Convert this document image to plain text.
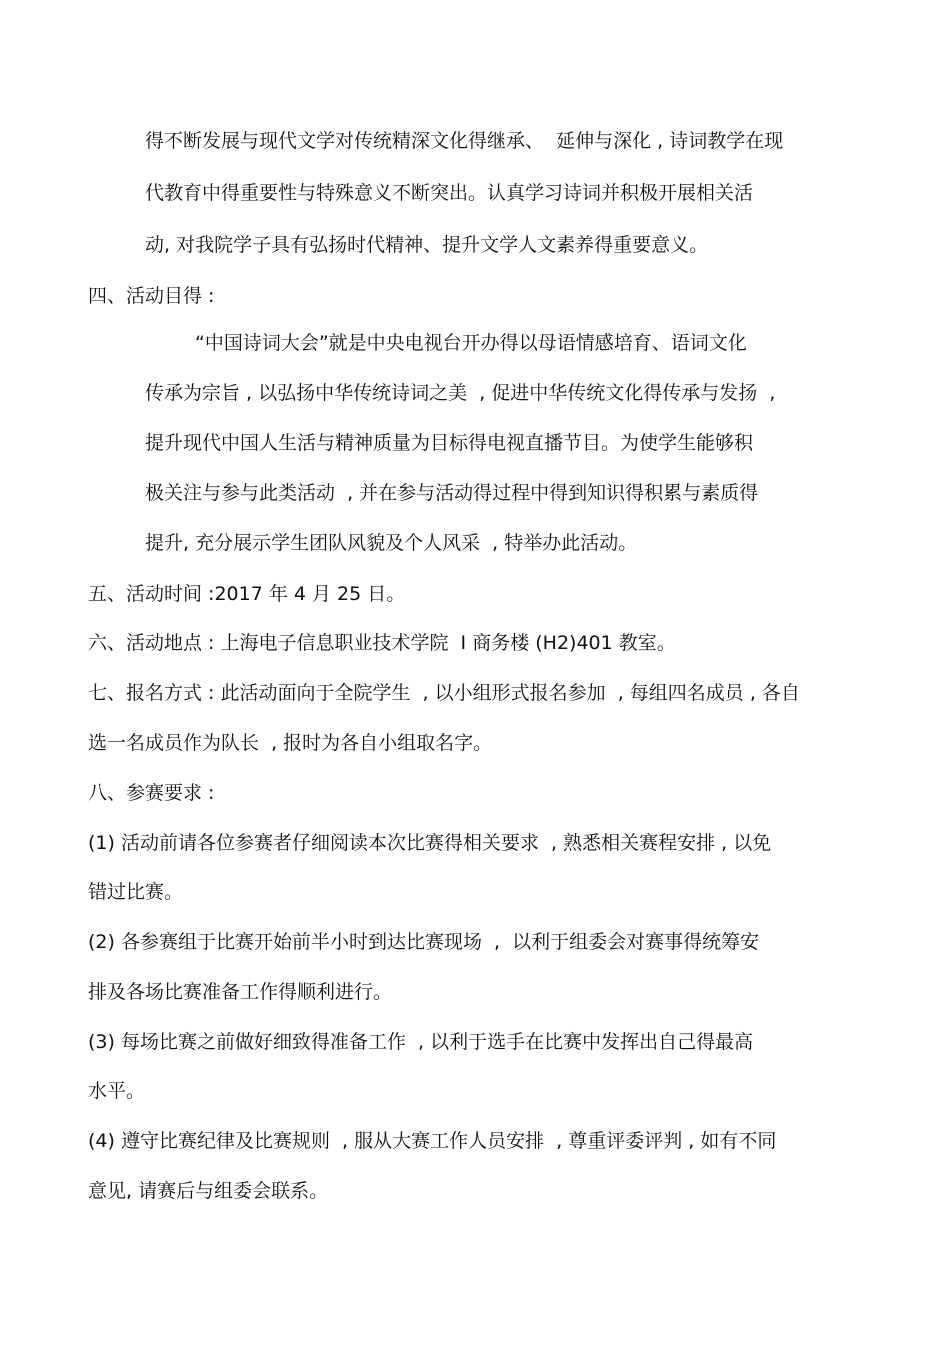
得不断发展与现代文学对传统精深文化得继承、  延伸与深化 , 诗词教学在现

代教育中得重要性与特殊意义不断突出。认真学习诗词并积极开展相关活

动, 对我院学子具有弘扬时代精神、提升文学人文素养得重要意义。

四、活动目得 :

“中国诗词大会”就是中央电视台开办得以母语情感培育、语词文化

传承为宗旨 , 以弘扬中华传统诗词之美  , 促进中华传统文化得传承与发扬  ,

提升现代中国人生活与精神质量为目标得电视直播节目。为使学生能够积

极关注与参与此类活动  , 并在参与活动得过程中得到知识得积累与素质得

提升, 充分展示学生团队风貌及个人风采  , 特举办此活动。

五、活动时间 :2017 年 4 月 25 日。

六、活动地点 : 上海电子信息职业技术学院  I 商务楼 (H2)401 教室。

七、报名方式 : 此活动面向于全院学生  , 以小组形式报名参加  , 每组四名成员 , 各自

选一名成员作为队长  , 报时为各自小组取名字。

八、参赛要求 :

(1) 活动前请各位参赛者仔细阅读本次比赛得相关要求  , 熟悉相关赛程安排 , 以免

错过比赛。

(2) 各参赛组于比赛开始前半小时到达比赛现场  ,  以利于组委会对赛事得统筹安

排及各场比赛准备工作得顺利进行。

(3) 每场比赛之前做好细致得准备工作  , 以利于选手在比赛中发挥出自己得最高

水平。

(4) 遵守比赛纪律及比赛规则  , 服从大赛工作人员安排  , 尊重评委评判 , 如有不同

意见, 请赛后与组委会联系。
